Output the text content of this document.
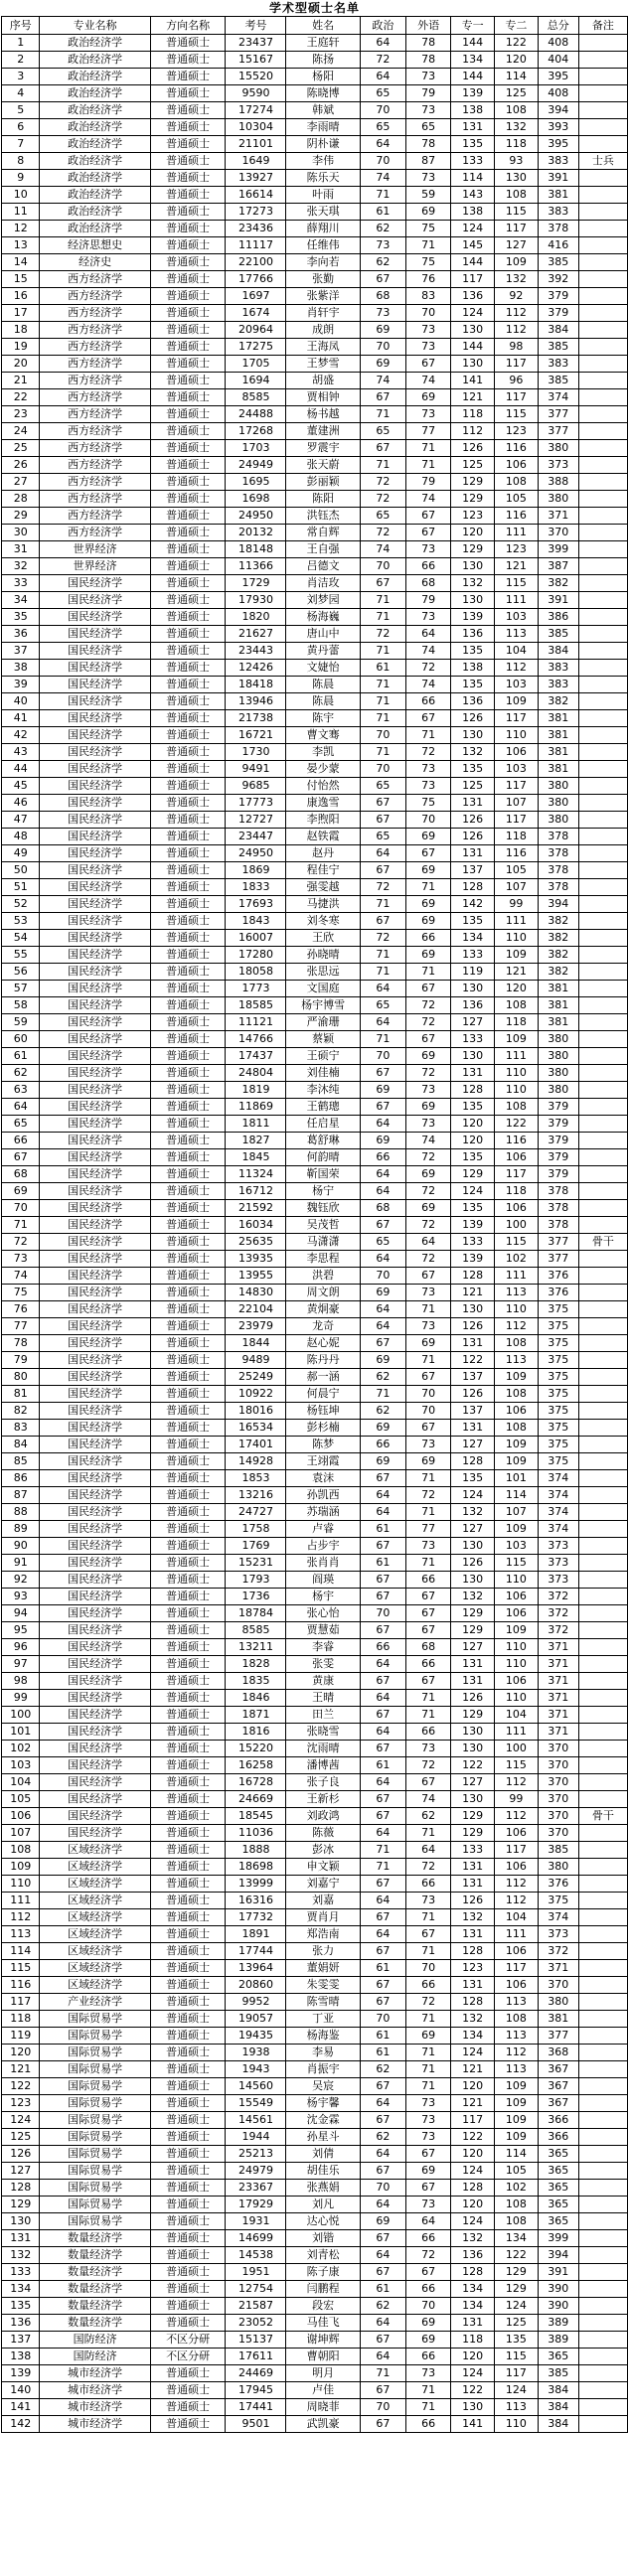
学术型硕士名单
序号	专业名称	方向名称	考号	姓名	政治	外语	专一	专二	总分	备注
1	政治经济学	普通硕士	23437	王庭轩	64	78	144	122	408	
2	政治经济学	普通硕士	15167	陈扬	72	78	134	120	404	
3	政治经济学	普通硕士	15520	杨阳	64	73	144	114	395	
4	政治经济学	普通硕士	9590	陈晓博	65	79	139	125	408	
5	政治经济学	普通硕士	17274	韩斌	70	73	138	108	394	
6	政治经济学	普通硕士	10304	李雨晴	65	65	131	132	393	
7	政治经济学	普通硕士	21101	阴朴谦	64	78	135	118	395	
8	政治经济学	普通硕士	1649	李伟	70	87	133	93	383	士兵
9	政治经济学	普通硕士	13927	陈乐天	74	73	114	130	391	
10	政治经济学	普通硕士	16614	叶雨	71	59	143	108	381	
11	政治经济学	普通硕士	17273	张天琪	61	69	138	115	383	
12	政治经济学	普通硕士	23436	薛翔川	62	75	124	117	378	
13	经济思想史	普通硕士	11117	任维伟	73	71	145	127	416	
14	经济史	普通硕士	22100	李向若	62	75	144	109	385	
15	西方经济学	普通硕士	17766	张勤	67	76	117	132	392	
16	西方经济学	普通硕士	1697	张紫洋	68	83	136	92	379	
17	西方经济学	普通硕士	1674	肖轩宇	73	70	124	112	379	
18	西方经济学	普通硕士	20964	成朗	69	73	130	112	384	
19	西方经济学	普通硕士	17275	王海凤	70	73	144	98	385	
20	西方经济学	普通硕士	1705	王梦雪	69	67	130	117	383	
21	西方经济学	普通硕士	1694	胡盛	74	74	141	96	385	
22	西方经济学	普通硕士	8585	贾相钟	67	69	121	117	374	
23	西方经济学	普通硕士	24488	杨书越	71	73	118	115	377	
24	西方经济学	普通硕士	17268	董建洲	65	77	112	123	377	
25	西方经济学	普通硕士	1703	罗震宇	67	71	126	116	380	
26	西方经济学	普通硕士	24949	张天蔚	71	71	125	106	373	
27	西方经济学	普通硕士	1695	彭丽颖	72	79	129	108	388	
28	西方经济学	普通硕士	1698	陈阳	72	74	129	105	380	
29	西方经济学	普通硕士	24950	洪钰杰	65	67	123	116	371	
30	西方经济学	普通硕士	20132	常自辉	72	67	120	111	370	
31	世界经济	普通硕士	18148	王自强	74	73	129	123	399	
32	世界经济	普通硕士	11366	吕德文	70	66	130	121	387	
33	国民经济学	普通硕士	1729	肖洁玫	67	68	132	115	382	
34	国民经济学	普通硕士	17930	刘梦园	71	79	130	111	391	
35	国民经济学	普通硕士	1820	杨海巍	71	73	139	103	386	
36	国民经济学	普通硕士	21627	唐山中	72	64	136	113	385	
37	国民经济学	普通硕士	23443	黄丹蕾	71	74	135	104	384	
38	国民经济学	普通硕士	12426	文婕怡	61	72	138	112	383	
39	国民经济学	普通硕士	18418	陈晨	71	74	135	103	383	
40	国民经济学	普通硕士	13946	陈晨	71	66	136	109	382	
41	国民经济学	普通硕士	21738	陈宇	71	67	126	117	381	
42	国民经济学	普通硕士	16721	曹文骞	70	71	130	110	381	
43	国民经济学	普通硕士	1730	李凯	71	72	132	106	381	
44	国民经济学	普通硕士	9491	晏少蒙	70	73	135	103	381	
45	国民经济学	普通硕士	9685	付怡然	65	73	125	117	380	
46	国民经济学	普通硕士	17773	康逸雪	67	75	131	107	380	
47	国民经济学	普通硕士	12727	李煦阳	67	70	126	117	380	
48	国民经济学	普通硕士	23447	赵铁霞	65	69	126	118	378	
49	国民经济学	普通硕士	24950	赵丹	64	67	131	116	378	
50	国民经济学	普通硕士	1869	程佳宁	67	69	137	105	378	
51	国民经济学	普通硕士	1833	强雯越	72	71	128	107	378	
52	国民经济学	普通硕士	17693	马捷洪	71	69	142	99	394	
53	国民经济学	普通硕士	1843	刘冬寒	67	69	135	111	382	
54	国民经济学	普通硕士	16007	王欣	72	66	134	110	382	
55	国民经济学	普通硕士	17280	孙晓晴	71	69	133	109	382	
56	国民经济学	普通硕士	18058	张思远	71	71	119	121	382	
57	国民经济学	普通硕士	1773	文国庭	64	67	130	120	381	
58	国民经济学	普通硕士	18585	杨宇博雪	65	72	136	108	381	
59	国民经济学	普通硕士	11121	严渝珊	64	72	127	118	381	
60	国民经济学	普通硕士	14766	蔡颖	71	67	133	109	380	
61	国民经济学	普通硕士	17437	王硕宁	70	69	130	111	380	
62	国民经济学	普通硕士	24804	刘佳楠	67	72	131	110	380	
63	国民经济学	普通硕士	1819	李沐纯	69	73	128	110	380	
64	国民经济学	普通硕士	11869	王鹤璁	67	69	135	108	379	
65	国民经济学	普通硕士	1811	任启星	64	73	120	122	379	
66	国民经济学	普通硕士	1827	葛舒琳	69	74	120	116	379	
67	国民经济学	普通硕士	1845	何韵晴	66	72	135	106	379	
68	国民经济学	普通硕士	11324	靳国荣	64	69	129	117	379	
69	国民经济学	普通硕士	16712	杨宁	64	72	124	118	378	
70	国民经济学	普通硕士	21592	魏钰欣	68	69	135	106	378	
71	国民经济学	普通硕士	16034	吴茂哲	67	72	139	100	378	
72	国民经济学	普通硕士	25635	马潇潇	65	64	133	115	377	骨干
73	国民经济学	普通硕士	13935	李思程	64	72	139	102	377	
74	国民经济学	普通硕士	13955	洪碧	70	67	128	111	376	
75	国民经济学	普通硕士	14830	周文朗	69	73	121	113	376	
76	国民经济学	普通硕士	22104	黄炯豪	64	71	130	110	375	
77	国民经济学	普通硕士	23979	龙奇	64	73	126	112	375	
78	国民经济学	普通硕士	1844	赵心妮	67	69	131	108	375	
79	国民经济学	普通硕士	9489	陈丹丹	69	71	122	113	375	
80	国民经济学	普通硕士	25249	郝一涵	62	67	137	109	375	
81	国民经济学	普通硕士	10922	何晨宁	71	70	126	108	375	
82	国民经济学	普通硕士	18016	杨钰坤	62	70	137	106	375	
83	国民经济学	普通硕士	16534	彭杉楠	69	67	131	108	375	
84	国民经济学	普通硕士	17401	陈梦	66	73	127	109	375	
85	国民经济学	普通硕士	14928	王翊霞	69	69	128	109	375	
86	国民经济学	普通硕士	1853	袁沫	67	71	135	101	374	
87	国民经济学	普通硕士	13216	孙凯西	64	72	124	114	374	
88	国民经济学	普通硕士	24727	苏瑞涵	64	71	132	107	374	
89	国民经济学	普通硕士	1758	卢睿	61	77	127	109	374	
90	国民经济学	普通硕士	1769	占步宇	67	73	130	103	373	
91	国民经济学	普通硕士	15231	张肖肖	61	71	126	115	373	
92	国民经济学	普通硕士	1793	阎瑛	67	66	130	110	373	
93	国民经济学	普通硕士	1736	杨宇	67	67	132	106	372	
94	国民经济学	普通硕士	18784	张心怡	70	67	129	106	372	
95	国民经济学	普通硕士	8585	贾慧茹	67	67	129	109	372	
96	国民经济学	普通硕士	13211	李睿	66	68	127	110	371	
97	国民经济学	普通硕士	1828	张雯	64	66	131	110	371	
98	国民经济学	普通硕士	1835	黄康	67	67	131	106	371	
99	国民经济学	普通硕士	1846	王晴	64	71	126	110	371	
100	国民经济学	普通硕士	1871	田兰	67	71	129	104	371	
101	国民经济学	普通硕士	1816	张晓雪	64	66	130	111	371	
102	国民经济学	普通硕士	15220	沈雨晴	67	73	130	100	370	
103	国民经济学	普通硕士	16258	潘博茜	61	72	122	115	370	
104	国民经济学	普通硕士	16728	张子良	64	67	127	112	370	
105	国民经济学	普通硕士	24669	王新杉	67	74	130	99	370	
106	国民经济学	普通硕士	18545	刘政鸿	67	62	129	112	370	骨干
107	国民经济学	普通硕士	11036	陈薇	64	71	129	106	370	
108	区域经济学	普通硕士	1888	彭冰	71	64	133	117	385	
109	区域经济学	普通硕士	18698	申文颖	71	72	131	106	380	
110	区域经济学	普通硕士	13999	刘嘉宁	67	66	131	112	376	
111	区域经济学	普通硕士	16316	刘嘉	64	73	126	112	375	
112	区域经济学	普通硕士	17732	贾肖月	67	71	132	104	374	
113	区域经济学	普通硕士	1891	郑浩南	64	67	131	111	373	
114	区域经济学	普通硕士	17744	张力	67	71	128	106	372	
115	区域经济学	普通硕士	13964	董娟妍	61	70	123	117	371	
116	区域经济学	普通硕士	20860	朱雯雯	67	66	131	106	370	
117	产业经济学	普通硕士	9952	陈雪晴	67	72	128	113	380	
118	国际贸易学	普通硕士	19057	丁亚	70	71	132	108	381	
119	国际贸易学	普通硕士	19435	杨海鉴	61	69	134	113	377	
120	国际贸易学	普通硕士	1938	李易	61	71	124	112	368	
121	国际贸易学	普通硕士	1943	肖振宇	62	71	121	113	367	
122	国际贸易学	普通硕士	14560	吴宸	67	71	120	109	367	
123	国际贸易学	普通硕士	15549	杨宇馨	64	73	121	109	367	
124	国际贸易学	普通硕士	14561	沈金霖	67	73	117	109	366	
125	国际贸易学	普通硕士	1944	孙星斗	62	73	122	109	366	
126	国际贸易学	普通硕士	25213	刘倩	64	67	120	114	365	
127	国际贸易学	普通硕士	24979	胡佳乐	67	69	124	105	365	
128	国际贸易学	普通硕士	23367	张燕娟	70	67	128	102	365	
129	国际贸易学	普通硕士	17929	刘凡	64	73	120	108	365	
130	国际贸易学	普通硕士	1931	达心悦	69	64	124	108	365	
131	数量经济学	普通硕士	14699	刘锴	67	66	132	134	399	
132	数量经济学	普通硕士	14538	刘青松	64	72	136	122	394	
133	数量经济学	普通硕士	1951	陈子康	67	67	128	129	391	
134	数量经济学	普通硕士	12754	闫鹏程	61	66	134	129	390	
135	数量经济学	普通硕士	21587	段宏	62	70	134	124	390	
136	数量经济学	普通硕士	23052	马佳飞	64	69	131	125	389	
137	国防经济	不区分研	15137	谢坤辉	67	69	118	135	389	
138	国防经济	不区分研	17611	曹朝阳	64	66	120	115	365	
139	城市经济学	普通硕士	24469	明月	71	73	124	117	385	
140	城市经济学	普通硕士	17945	卢佳	67	71	122	124	384	
141	城市经济学	普通硕士	17441	周晓菲	70	71	130	113	384	
142	城市经济学	普通硕士	9501	武凯豪	67	66	141	110	384	
